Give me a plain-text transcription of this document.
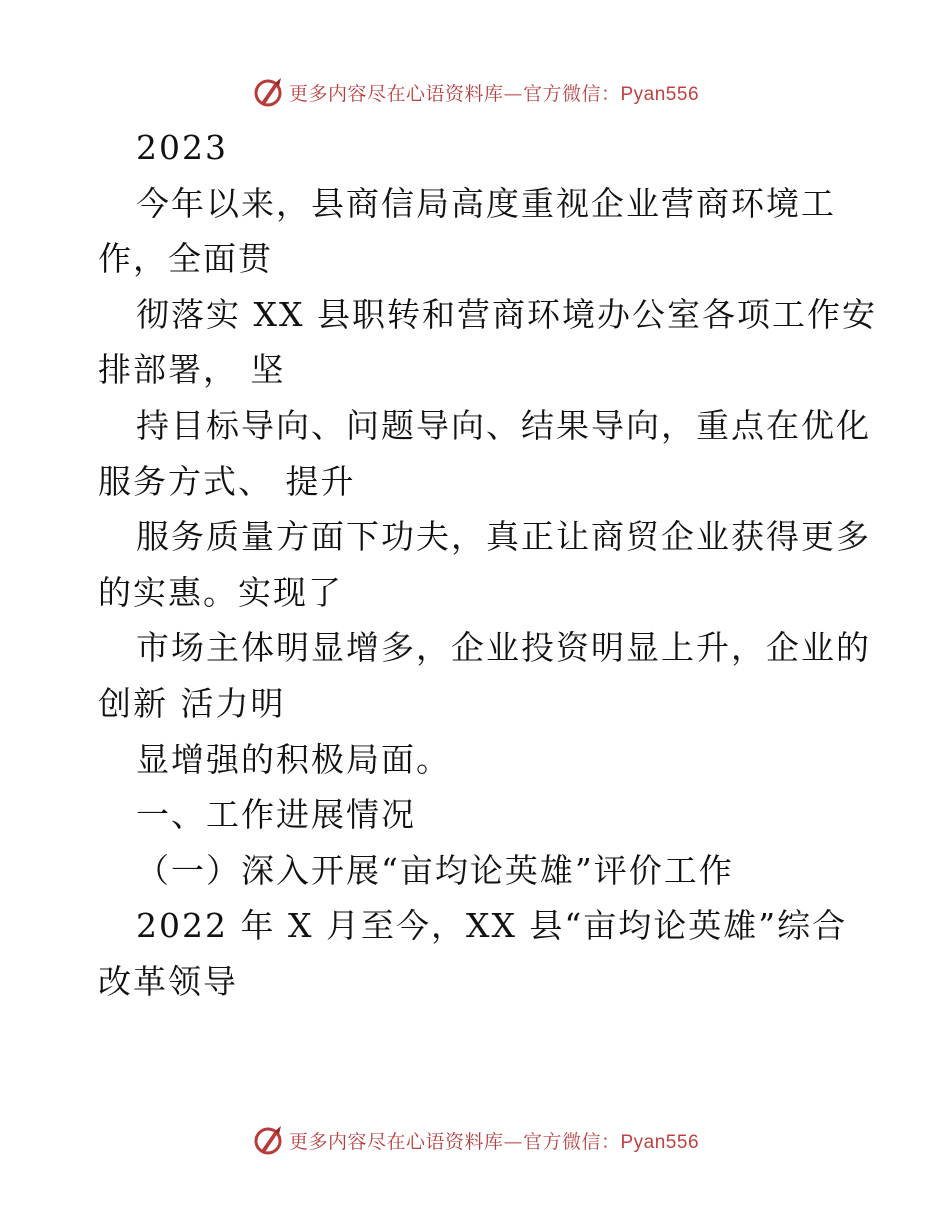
更多内容尽在心语资料库—官方微信：Pyan556
2023
今年以来，县商信局高度重视企业营商环境工
作，全面贯
彻落实 XX 县职转和营商环境办公室各项工作安
排部署， 坚
持目标导向、问题导向、结果导向，重点在优化
服务方式、 提升
服务质量方面下功夫，真正让商贸企业获得更多
的实惠。实现了
市场主体明显增多，企业投资明显上升，企业的
创新 活力明
显增强的积极局面。
一、工作进展情况
（一）深入开展“亩均论英雄”评价工作
2022 年 X 月至今，XX 县“亩均论英雄”综合
改革领导
更多内容尽在心语资料库—官方微信：Pyan556
